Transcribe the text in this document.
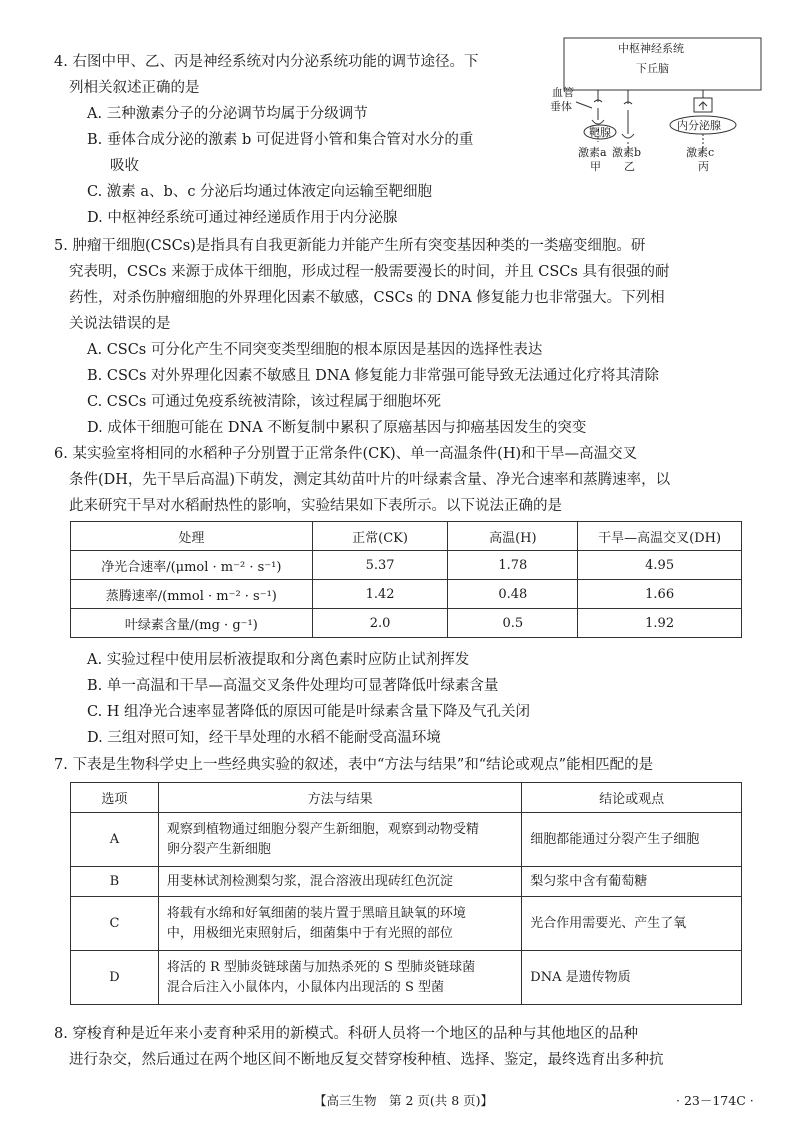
4. 右图中甲、乙、丙是神经系统对内分泌系统功能的调节途径。下
列相关叙述正确的是
A. 三种激素分子的分泌调节均属于分级调节
B. 垂体合成分泌的激素 b 可促进肾小管和集合管对水分的重
吸收
C. 激素 a、b、c 分泌后均通过体液定向运输至靶细胞
D. 中枢神经系统可通过神经递质作用于内分泌腺
中枢神经系统
下丘脑
血管
垂体
靶腺
内分泌腺
激素a 激素b	激素c
甲 乙	丙
5. 肿瘤干细胞(CSCs)是指具有自我更新能力并能产生所有突变基因种类的一类癌变细胞。研
究表明，CSCs 来源于成体干细胞，形成过程一般需要漫长的时间，并且 CSCs 具有很强的耐
药性，对杀伤肿瘤细胞的外界理化因素不敏感，CSCs 的 DNA 修复能力也非常强大。下列相
关说法错误的是
A. CSCs 可分化产生不同突变类型细胞的根本原因是基因的选择性表达
B. CSCs 对外界理化因素不敏感且 DNA 修复能力非常强可能导致无法通过化疗将其清除
C. CSCs 可通过免疫系统被清除，该过程属于细胞坏死
D. 成体干细胞可能在 DNA 不断复制中累积了原癌基因与抑癌基因发生的突变
6. 某实验室将相同的水稻种子分别置于正常条件(CK)、单一高温条件(H)和干旱—高温交叉
条件(DH，先干旱后高温)下萌发，测定其幼苗叶片的叶绿素含量、净光合速率和蒸腾速率，以
此来研究干旱对水稻耐热性的影响，实验结果如下表所示。以下说法正确的是
处理	正常(CK)	高温(H)	干旱—高温交叉(DH)
净光合速率/(μmol · m⁻² · s⁻¹)	5.37	1.78	4.95
蒸腾速率/(mmol · m⁻² · s⁻¹)	1.42	0.48	1.66
叶绿素含量/(mg · g⁻¹)	2.0	0.5	1.92
A. 实验过程中使用层析液提取和分离色素时应防止试剂挥发
B. 单一高温和干旱—高温交叉条件处理均可显著降低叶绿素含量
C. H 组净光合速率显著降低的原因可能是叶绿素含量下降及气孔关闭
D. 三组对照可知，经干旱处理的水稻不能耐受高温环境
7. 下表是生物科学史上一些经典实验的叙述，表中“方法与结果”和“结论或观点”能相匹配的是
选项	方法与结果	结论或观点
A	观察到植物通过细胞分裂产生新细胞，观察到动物受精
卵分裂产生新细胞	细胞都能通过分裂产生子细胞
B	用斐林试剂检测梨匀浆，混合溶液出现砖红色沉淀	梨匀浆中含有葡萄糖
C	将载有水绵和好氧细菌的装片置于黑暗且缺氧的环境
中，用极细光束照射后，细菌集中于有光照的部位	光合作用需要光、产生了氧
D	将活的 R 型肺炎链球菌与加热杀死的 S 型肺炎链球菌
混合后注入小鼠体内，小鼠体内出现活的 S 型菌	DNA 是遗传物质
8. 穿梭育种是近年来小麦育种采用的新模式。科研人员将一个地区的品种与其他地区的品种
进行杂交，然后通过在两个地区间不断地反复交替穿梭种植、选择、鉴定，最终选育出多种抗
【高三生物　第 2 页(共 8 页)】	· 23－174C ·
